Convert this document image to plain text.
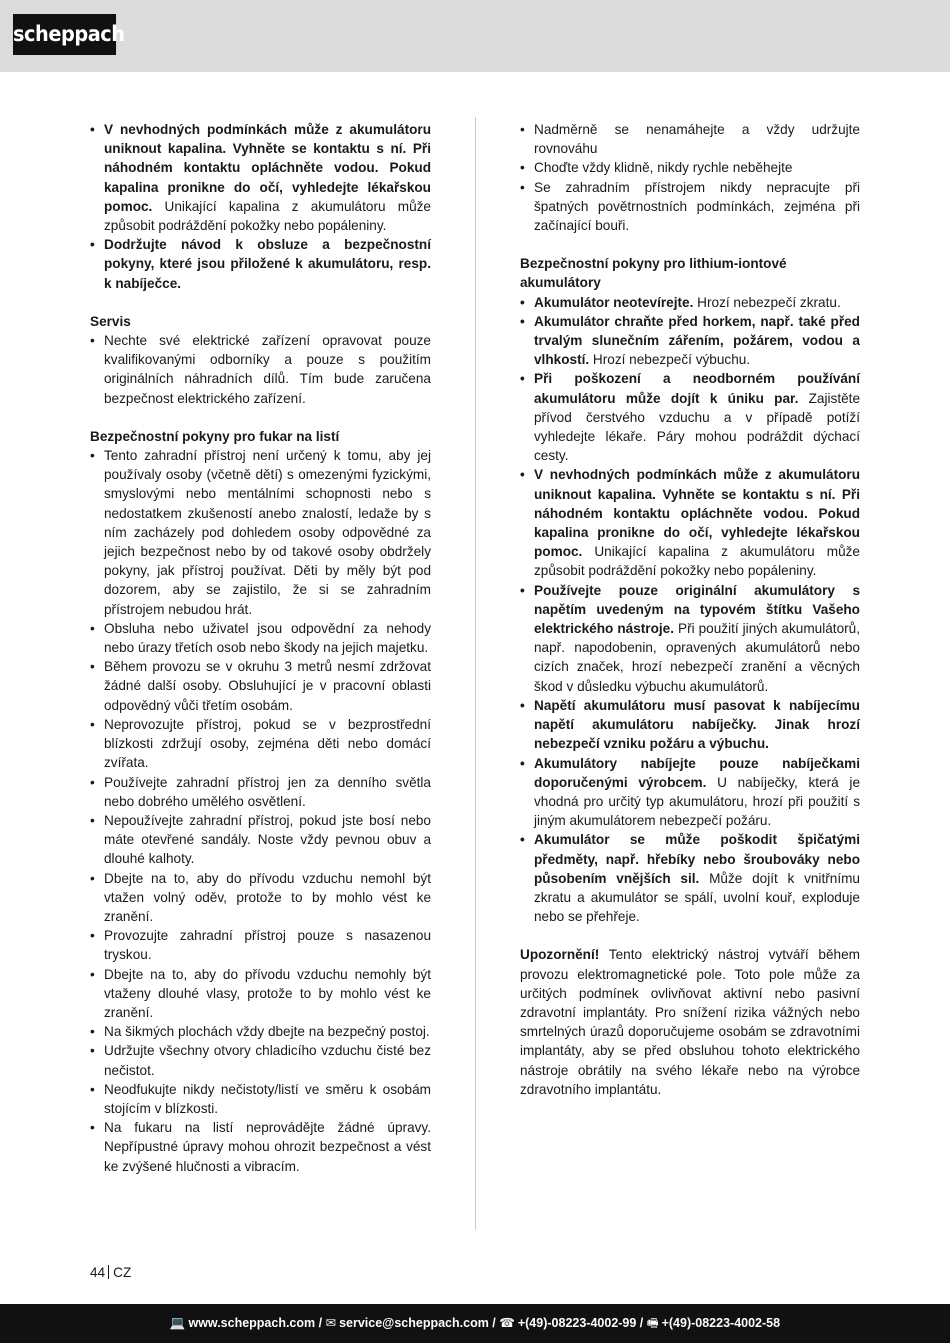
scheppach
• V nevhodných podmínkách může z akumulátoru uniknout kapalina. Vyhněte se kontaktu s ní. Při náhodném kontaktu opláchněte vodou. Pokud kapalina pronikne do očí, vyhledejte lékařskou pomoc. Unikající kapalina z akumulátoru může způsobit podráždění pokožky nebo popáleniny.
• Dodržujte návod k obsluze a bezpečnostní pokyny, které jsou přiložené k akumulátoru, resp. k nabíječce.
Servis
• Nechte své elektrické zařízení opravovat pouze kvalifikovanými odborníky a pouze s použitím originálních náhradních dílů. Tím bude zaručena bezpečnost elektrického zařízení.
Bezpečnostní pokyny pro fukar na listí
• Tento zahradní přístroj není určený k tomu, aby jej používaly osoby (včetně dětí) s omezenými fyzickými, smyslovými nebo mentálními schopnosti nebo s nedostatkem zkušeností anebo znalostí, ledaže by s ním zacházely pod dohledem osoby odpovědné za jejich bezpečnost nebo by od takové osoby obdržely pokyny, jak přístroj používat. Děti by měly být pod dozorem, aby se zajistilo, že si se zahradním přístrojem nebudou hrát.
• Obsluha nebo uživatel jsou odpovědní za nehody nebo úrazy třetích osob nebo škody na jejich majetku.
• Během provozu se v okruhu 3 metrů nesmí zdržovat žádné další osoby. Obsluhující je v pracovní oblasti odpovědný vůči třetím osobám.
• Neprovozujte přístroj, pokud se v bezprostřední blízkosti zdržují osoby, zejména děti nebo domácí zvířata.
• Používejte zahradní přístroj jen za denního světla nebo dobrého umělého osvětlení.
• Nepoužívejte zahradní přístroj, pokud jste bosí nebo máte otevřené sandály. Noste vždy pevnou obuv a dlouhé kalhoty.
• Dbejte na to, aby do přívodu vzduchu nemohl být vtažen volný oděv, protože to by mohlo vést ke zranění.
• Provozujte zahradní přístroj pouze s nasazenou tryskou.
• Dbejte na to, aby do přívodu vzduchu nemohly být vtaženy dlouhé vlasy, protože to by mohlo vést ke zranění.
• Na šikmých plochách vždy dbejte na bezpečný postoj.
• Udržujte všechny otvory chladicího vzduchu čisté bez nečistot.
• Neodfukujte nikdy nečistoty/listí ve směru k osobám stojícím v blízkosti.
• Na fukaru na listí neprovádějte žádné úpravy. Nepřípustné úpravy mohou ohrozit bezpečnost a vést ke zvýšené hlučnosti a vibracím.
• Nadměrně se nenamáhejte a vždy udržujte rovnováhu
• Choďte vždy klidně, nikdy rychle neběhejte
• Se zahradním přístrojem nikdy nepracujte při špatných povětrnostních podmínkách, zejména při začínající bouři.
Bezpečnostní pokyny pro lithium-iontové akumulátory
• Akumulátor neotevírejte. Hrozí nebezpečí zkratu.
• Akumulátor chraňte před horkem, např. také před trvalým slunečním zářením, požárem, vodou a vlhkostí. Hrozí nebezpečí výbuchu.
• Při poškození a neodborném používání akumulátoru může dojít k úniku par. Zajistěte přívod čerstvého vzduchu a v případě potíží vyhledejte lékaře. Páry mohou podráždit dýchací cesty.
• V nevhodných podmínkách může z akumulátoru uniknout kapalina. Vyhněte se kontaktu s ní. Při náhodném kontaktu opláchněte vodou. Pokud kapalina pronikne do očí, vyhledejte lékařskou pomoc. Unikající kapalina z akumulátoru může způsobit podráždění pokožky nebo popáleniny.
• Používejte pouze originální akumulátory s napětím uvedeným na typovém štítku Vašeho elektrického nástroje. Při použití jiných akumulátorů, např. napodobenin, opravených akumulátorů nebo cizích značek, hrozí nebezpečí zranění a věcných škod v důsledku výbuchu akumulátorů.
• Napětí akumulátoru musí pasovat k nabíjecímu napětí akumulátoru nabíječky. Jinak hrozí nebezpečí vzniku požáru a výbuchu.
• Akumulátory nabíjejte pouze nabíječkami doporučenými výrobcem. U nabíječky, která je vhodná pro určitý typ akumulátoru, hrozí při použití s jiným akumulátorem nebezpečí požáru.
• Akumulátor se může poškodit špičatými předměty, např. hřebíky nebo šroubováky nebo působením vnějších sil. Může dojít k vnitřnímu zkratu a akumulátor se spálí, uvolní kouř, exploduje nebo se přehřeje.

Upozornění! Tento elektrický nástroj vytváří během provozu elektromagnetické pole. Toto pole může za určitých podmínek ovlivňovat aktivní nebo pasivní zdravotní implantáty. Pro snížení rizika vážných nebo smrtelných úrazů doporučujeme osobám se zdravotními implantáty, aby se před obsluhou tohoto elektrického nástroje obrátily na svého lékaře nebo na výrobce zdravotního implantátu.

44 CZ
💻 www.scheppach.com / ✉ service@scheppach.com / ☎ +(49)-08223-4002-99 / 🖷 +(49)-08223-4002-58
